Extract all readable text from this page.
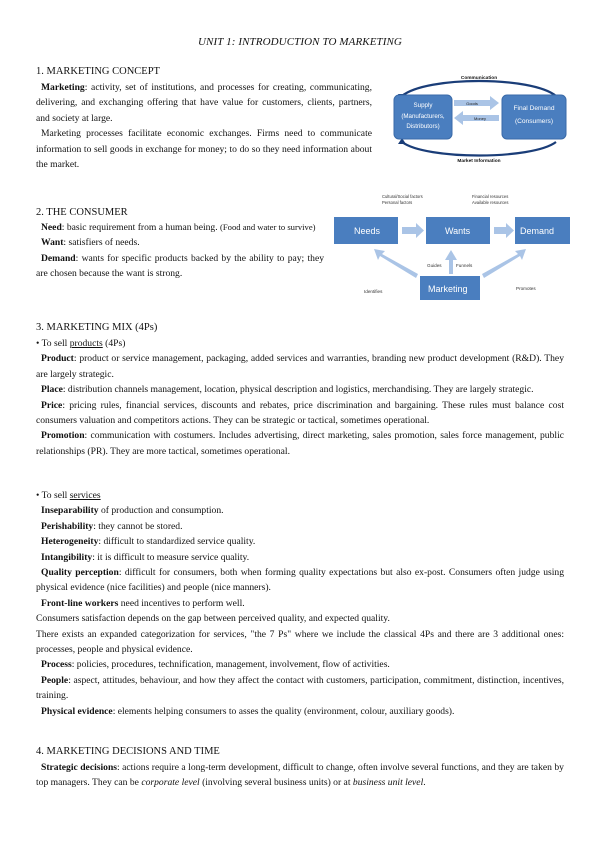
UNIT 1: INTRODUCTION TO MARKETING
1. MARKETING CONCEPT
Marketing: activity, set of institutions, and processes for creating, communicating, delivering, and exchanging offering that have value for customers, clients, partners, and society at large.
Marketing processes facilitate economic exchanges. Firms need to communicate information to sell goods in exchange for money; to do so they need information about the market.
Communication
Market Information
Supply
(Manufacturers,
Distributors)
Final Demand
(Consumers)
Goods
Money
2. THE CONSUMER
Need: basic requirement from a human being. (Food and water to survive)
Want: satisfiers of needs.
Demand: wants for specific products backed by the ability to pay; they are chosen because the want is strong.
Cultural/Social factors
Personal factors
Financial resources
Available resources
Needs	Wants	Demand
Marketing
Guides	Funnels
Identifies
Promotes
3. MARKETING MIX (4Ps)
• To sell products (4Ps)
Product: product or service management, packaging, added services and warranties, branding new product development (R&D). They are largely strategic.
Place: distribution channels management, location, physical description and logistics, merchandising. They are largely strategic.
Price: pricing rules, financial services, discounts and rebates, price discrimination and bargaining. These rules must balance cost consumers valuation and competitors actions. They can be strategic or tactical, sometimes operational.
Promotion: communication with costumers. Includes advertising, direct marketing, sales promotion, sales force management, public relationships (PR). They are more tactical, sometimes operational.
• To sell services
Inseparability of production and consumption.
Perishability: they cannot be stored.
Heterogeneity: difficult to standardized service quality.
Intangibility: it is difficult to measure service quality.
Quality perception: difficult for consumers, both when forming quality expectations but also ex-post. Consumers often judge using physical evidence (nice facilities) and people (nice manners).
Front-line workers need incentives to perform well.
Consumers satisfaction depends on the gap between perceived quality, and expected quality.
There exists an expanded categorization for services, "the 7 Ps" where we include the classical 4Ps and there are 3 additional ones: processes, people and physical evidence.
Process: policies, procedures, technification, management, involvement, flow of activities.
People: aspect, attitudes, behaviour, and how they affect the contact with customers, participation, commitment, distinction, incentives, training.
Physical evidence: elements helping consumers to asses the quality (environment, colour, auxiliary goods).
4. MARKETING DECISIONS AND TIME
Strategic decisions: actions require a long-term development, difficult to change, often involve several functions, and they are taken by top managers. They can be corporate level (involving several business units) or at business unit level.
